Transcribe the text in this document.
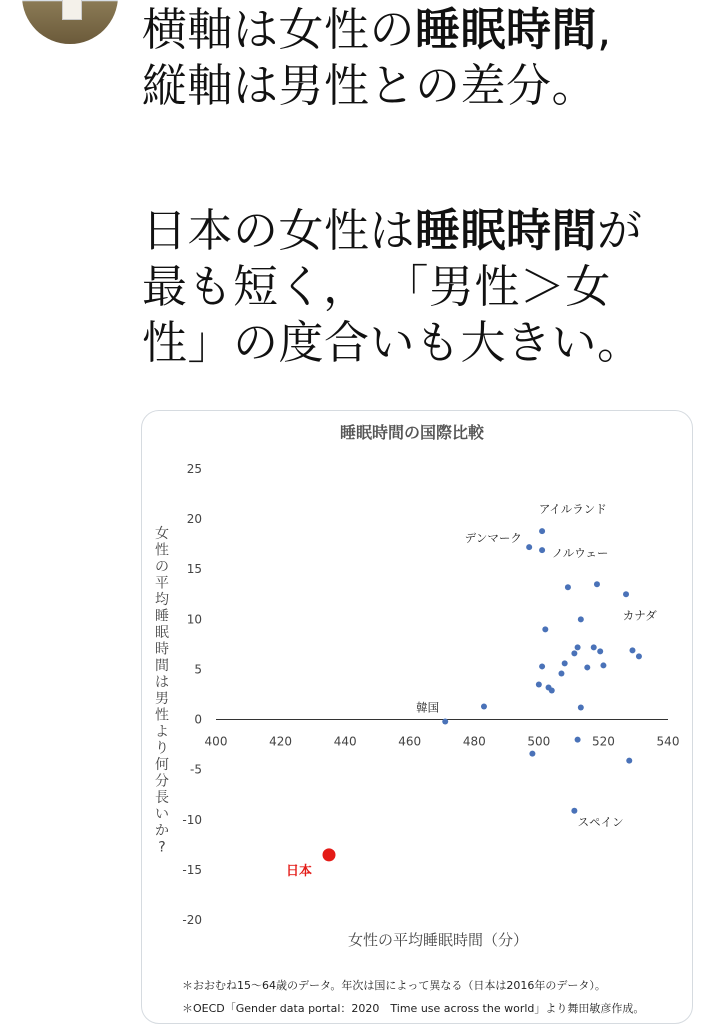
横軸は女性の睡眠時間,
縦軸は男性との差分。
日本の女性は睡眠時間が
最も短く， 「男性＞女
性」の度合いも大きい。
睡眠時間の国際比較
400	420	440	460	480	500	520	540
25
20
15
10
5
0
-5
-10
-15
-20
日本
アイルランド
デンマーク
ノルウェー
カナダ
韓国
スペイン
女性の平均睡眠時間（分）
女
性
の
平
均
睡
眠
時
間
は
男
性
よ
り
何
分
長
い
か
?
＊おおむね15～64歳のデータ。年次は国によって異なる（日本は2016年のデータ）。
＊OECD「Gender data portal：2020　Time use across the world」より舞田敏彦作成。
